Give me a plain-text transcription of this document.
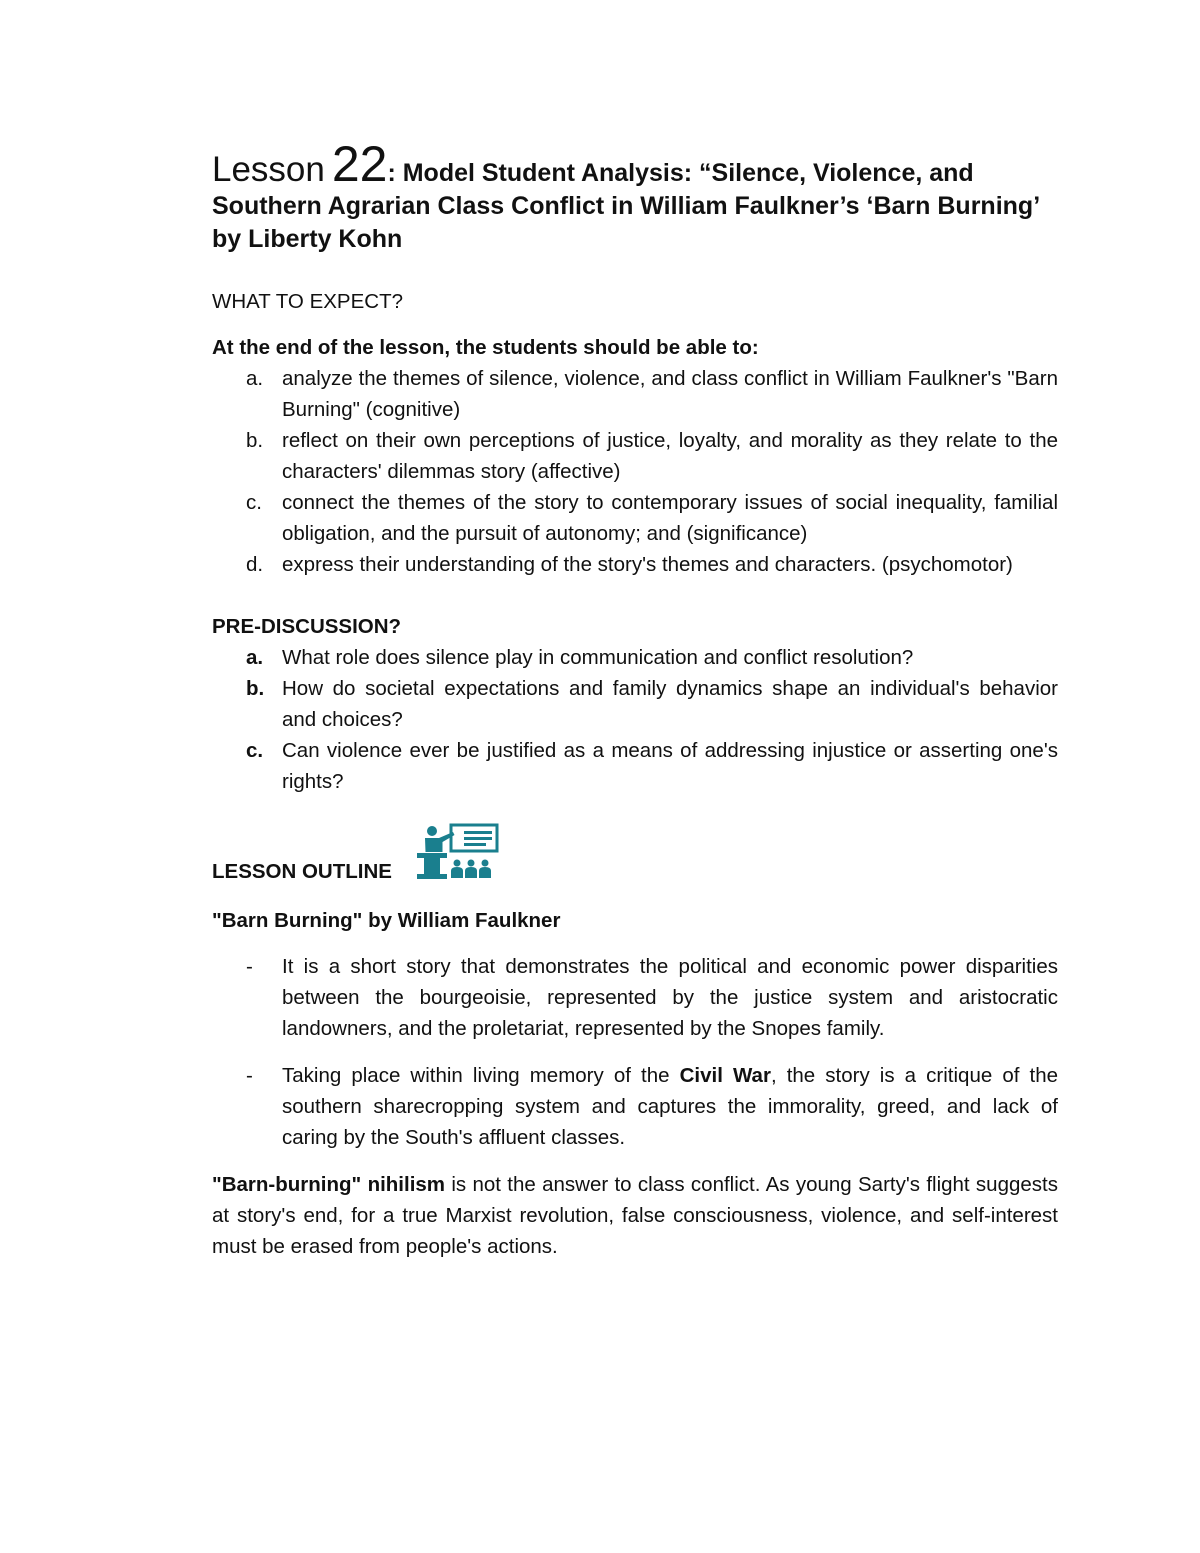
Lesson 22: Model Student Analysis: “Silence, Violence, and Southern Agrarian Class Conflict in William Faulkner’s ‘Barn Burning’ by Liberty Kohn

WHAT TO EXPECT?

At the end of the lesson, the students should be able to:

a. analyze the themes of silence, violence, and class conflict in William Faulkner's "Barn Burning" (cognitive)
b. reflect on their own perceptions of justice, loyalty, and morality as they relate to the characters' dilemmas story (affective)
c. connect the themes of the story to contemporary issues of social inequality, familial obligation, and the pursuit of autonomy; and (significance)
d. express their understanding of the story's themes and characters. (psychomotor)

PRE-DISCUSSION?

a. What role does silence play in communication and conflict resolution?
b. How do societal expectations and family dynamics shape an individual's behavior and choices?
c. Can violence ever be justified as a means of addressing injustice or asserting one's rights?

LESSON OUTLINE

"Barn Burning" by William Faulkner

- It is a short story that demonstrates the political and economic power disparities between the bourgeoisie, represented by the justice system and aristocratic landowners, and the proletariat, represented by the Snopes family.
- Taking place within living memory of the Civil War, the story is a critique of the southern sharecropping system and captures the immorality, greed, and lack of caring by the South's affluent classes.

"Barn-burning" nihilism is not the answer to class conflict. As young Sarty's flight suggests at story's end, for a true Marxist revolution, false consciousness, violence, and self-interest must be erased from people's actions.
